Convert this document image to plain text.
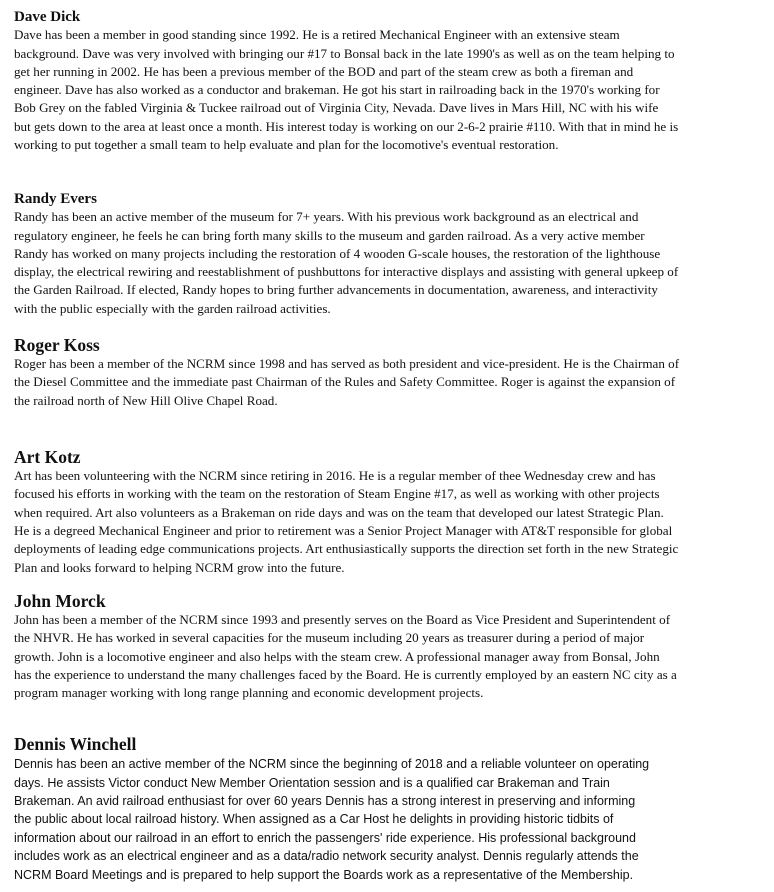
Dave Dick

Dave has been a member in good standing since 1992. He is a retired Mechanical Engineer with an extensive steam
background. Dave was very involved with bringing our #17 to Bonsal back in the late 1990's as well as on the team helping to
get her running in 2002. He has been a previous member of the BOD and part of the steam crew as both a fireman and
engineer. Dave has also worked as a conductor and brakeman. He got his start in railroading back in the 1970's working for
Bob Grey on the fabled Virginia & Tuckee railroad out of Virginia City, Nevada. Dave lives in Mars Hill, NC with his wife
but gets down to the area at least once a month. His interest today is working on our 2-6-2 prairie #110. With that in mind he is
working to put together a small team to help evaluate and plan for the locomotive's eventual restoration.

Randy Evers

Randy has been an active member of the museum for 7+ years. With his previous work background as an electrical and
regulatory engineer, he feels he can bring forth many skills to the museum and garden railroad. As a very active member
Randy has worked on many projects including the restoration of 4 wooden G-scale houses, the restoration of the lighthouse
display, the electrical rewiring and reestablishment of pushbuttons for interactive displays and assisting with general upkeep of
the Garden Railroad. If elected, Randy hopes to bring further advancements in documentation, awareness, and interactivity
with the public especially with the garden railroad activities.

Roger Koss

Roger has been a member of the NCRM since 1998 and has served as both president and vice-president. He is the Chairman of
the Diesel Committee and the immediate past Chairman of the Rules and Safety Committee. Roger is against the expansion of
the railroad north of New Hill Olive Chapel Road.

Art Kotz

Art has been volunteering with the NCRM since retiring in 2016. He is a regular member of thee Wednesday crew and has
focused his efforts in working with the team on the restoration of Steam Engine #17, as well as working with other projects
when required. Art also volunteers as a Brakeman on ride days and was on the team that developed our latest Strategic Plan.
He is a degreed Mechanical Engineer and prior to retirement was a Senior Project Manager with AT&T responsible for global
deployments of leading edge communications projects. Art enthusiastically supports the direction set forth in the new Strategic
Plan and looks forward to helping NCRM grow into the future.

John Morck

John has been a member of the NCRM since 1993 and presently serves on the Board as Vice President and Superintendent of
the NHVR. He has worked in several capacities for the museum including 20 years as treasurer during a period of major
growth. John is a locomotive engineer and also helps with the steam crew. A professional manager away from Bonsal, John
has the experience to understand the many challenges faced by the Board. He is currently employed by an eastern NC city as a
program manager working with long range planning and economic development projects.

Dennis Winchell

Dennis has been an active member of the NCRM since the beginning of 2018 and a reliable volunteer on operating
days. He assists Victor conduct New Member Orientation session and is a qualified car Brakeman and Train
Brakeman. An avid railroad enthusiast for over 60 years Dennis has a strong interest in preserving and informing
the public about local railroad history. When assigned as a Car Host he delights in providing historic tidbits of
information about our railroad in an effort to enrich the passengers' ride experience. His professional background
includes work as an electrical engineer and as a data/radio network security analyst. Dennis regularly attends the
NCRM Board Meetings and is prepared to help support the Boards work as a representative of the Membership.
